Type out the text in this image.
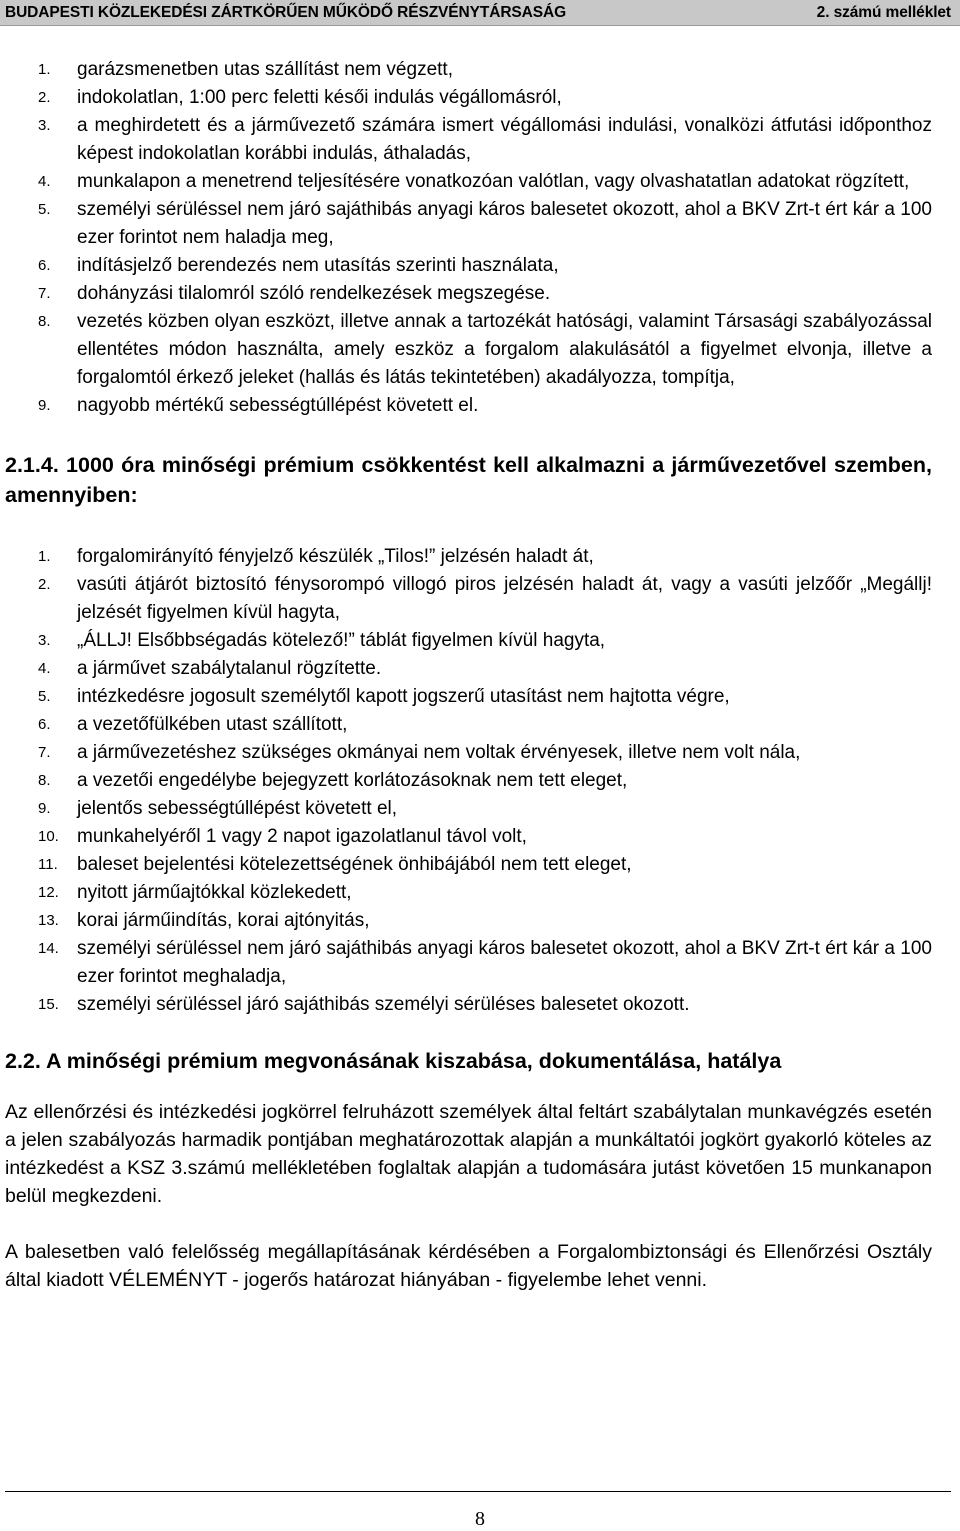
BUDAPESTI KÖZLEKEDÉSI ZÁRTKÖRŰEN MŰKÖDŐ RÉSZVÉNYTÁRSASÁG	2. számú melléklet
1.	garázsmenetben utas szállítást nem végzett,
2.	indokolatlan, 1:00 perc feletti késői indulás végállomásról,
3.	a meghirdetett és a járművezető számára ismert végállomási indulási, vonalközi átfutási időponthoz képest indokolatlan korábbi indulás, áthaladás,
4.	munkalapon a menetrend teljesítésére vonatkozóan valótlan, vagy olvashatatlan adatokat rögzített,
5.	személyi sérüléssel nem járó sajáthibás anyagi káros balesetet okozott, ahol a BKV Zrt-t ért kár a 100 ezer forintot nem haladja meg,
6.	indításjelző berendezés nem utasítás szerinti használata,
7.	dohányzási tilalomról szóló rendelkezések megszegése.
8.	vezetés közben olyan eszközt, illetve annak a tartozékát hatósági, valamint Társasági szabályozással ellentétes módon használta, amely eszköz a forgalom alakulásától a figyelmet elvonja, illetve a forgalomtól érkező jeleket (hallás és látás tekintetében) akadályozza, tompítja,
9.	nagyobb mértékű sebességtúllépést követett el.
2.1.4. 1000 óra minőségi prémium csökkentést kell alkalmazni a járművezetővel szemben, amennyiben:
1.	forgalomirányító fényjelző készülék „Tilos!” jelzésén haladt át,
2.	vasúti átjárót biztosító fénysorompó villogó piros jelzésén haladt át, vagy a vasúti jelzőőr „Megállj! jelzését figyelmen kívül hagyta,
3.	„ÁLLJ! Elsőbbségadás kötelező!” táblát figyelmen kívül hagyta,
4.	a járművet szabálytalanul rögzítette.
5.	intézkedésre jogosult személytől kapott jogszerű utasítást nem hajtotta végre,
6.	a vezetőfülkében utast szállított,
7.	a járművezetéshez szükséges okmányai nem voltak érvényesek, illetve nem volt nála,
8.	a vezetői engedélybe bejegyzett korlátozásoknak nem tett eleget,
9.	jelentős sebességtúllépést követett el,
10. munkahelyéről 1 vagy 2 napot igazolatlanul távol volt,
11.	baleset bejelentési kötelezettségének önhibájából nem tett eleget,
12. nyitott járműajtókkal közlekedett,
13. korai járműindítás, korai ajtónyitás,
14. személyi sérüléssel nem járó sajáthibás anyagi káros balesetet okozott, ahol a BKV Zrt-t ért kár a 100 ezer forintot meghaladja,
15. személyi sérüléssel járó sajáthibás személyi sérüléses balesetet okozott.
2.2. A minőségi prémium megvonásának kiszabása, dokumentálása, hatálya

Az ellenőrzési és intézkedési jogkörrel felruházott személyek által feltárt szabálytalan munkavégzés esetén a jelen szabályozás harmadik pontjában meghatározottak alapján a munkáltatói jogkört gyakorló köteles az intézkedést a KSZ 3.számú mellékletében foglaltak alapján a tudomására jutást követően 15 munkanapon belül megkezdeni.

A balesetben való felelősség megállapításának kérdésében a Forgalombiztonsági és Ellenőrzési Osztály által kiadott VÉLEMÉNYT - jogerős határozat hiányában - figyelembe lehet venni.

8
